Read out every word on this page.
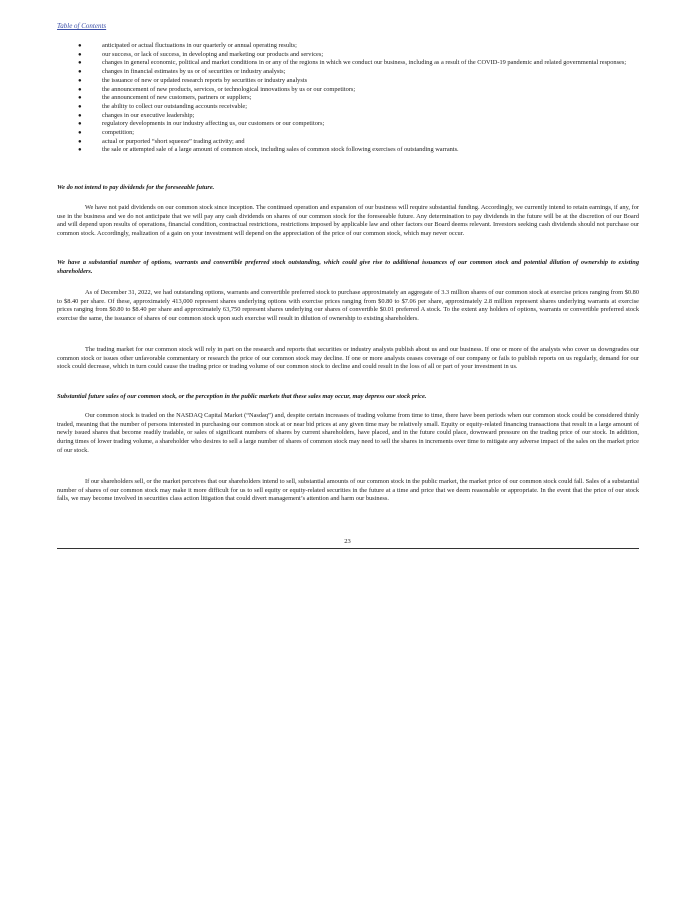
Table of Contents
●	anticipated or actual fluctuations in our quarterly or annual operating results;
●	our success, or lack of success, in developing and marketing our products and services;
●	changes in general economic, political and market conditions in or any of the regions in which we conduct our business, including as a result of the COVID-19 pandemic and related governmental responses;
●	changes in financial estimates by us or of securities or industry analysts;
●	the issuance of new or updated research reports by securities or industry analysts
●	the announcement of new products, services, or technological innovations by us or our competitors;
●	the announcement of new customers, partners or suppliers;
●	the ability to collect our outstanding accounts receivable;
●	changes in our executive leadership;
●	regulatory developments in our industry affecting us, our customers or our competitors;
●	competition;
●	actual or purported “short squeeze” trading activity; and
●	the sale or attempted sale of a large amount of common stock, including sales of common stock following exercises of outstanding warrants.

We do not intend to pay dividends for the foreseeable future.

We have not paid dividends on our common stock since inception. The continued operation and expansion of our business will require substantial funding. Accordingly, we currently intend to retain earnings, if any, for use in the business and we do not anticipate that we will pay any cash dividends on shares of our common stock for the foreseeable future. Any determination to pay dividends in the future will be at the discretion of our Board and will depend upon results of operations, financial condition, contractual restrictions, restrictions imposed by applicable law and other factors our Board deems relevant. Investors seeking cash dividends should not purchase our common stock. Accordingly, realization of a gain on your investment will depend on the appreciation of the price of our common stock, which may never occur.

We have a substantial number of options, warrants and convertible preferred stock outstanding, which could give rise to additional issuances of our common stock and potential dilution of ownership to existing shareholders.

As of December 31, 2022, we had outstanding options, warrants and convertible preferred stock to purchase approximately an aggregate of 3.3 million shares of our common stock at exercise prices ranging from $0.80 to $8.40 per share. Of these, approximately 413,000 represent shares underlying options with exercise prices ranging from $0.80 to $7.06 per share, approximately 2.8 million represent shares underlying warrants at exercise prices ranging from $0.80 to $8.40 per share and approximately 63,750 represent shares underlying our shares of convertible $0.01 preferred A stock. To the extent any holders of options, warrants or convertible preferred stock exercise the same, the issuance of shares of our common stock upon such exercise will result in dilution of ownership to existing shareholders.

The trading market for our common stock will rely in part on the research and reports that securities or industry analysts publish about us and our business. If one or more of the analysts who cover us downgrades our common stock or issues other unfavorable commentary or research the price of our common stock may decline. If one or more analysts ceases coverage of our company or fails to publish reports on us regularly, demand for our stock could decrease, which in turn could cause the trading price or trading volume of our common stock to decline and could result in the loss of all or part of your investment in us.

Substantial future sales of our common stock, or the perception in the public markets that these sales may occur, may depress our stock price.

Our common stock is traded on the NASDAQ Capital Market (“Nasdaq”) and, despite certain increases of trading volume from time to time, there have been periods when our common stock could be considered thinly traded, meaning that the number of persons interested in purchasing our common stock at or near bid prices at any given time may be relatively small. Equity or equity-related financing transactions that result in a large amount of newly issued shares that become readily tradable, or sales of significant numbers of shares by current shareholders, have placed, and in the future could place, downward pressure on the trading price of our stock. In addition, during times of lower trading volume, a shareholder who desires to sell a large number of shares of common stock may need to sell the shares in increments over time to mitigate any adverse impact of the sales on the market price of our stock.

If our shareholders sell, or the market perceives that our shareholders intend to sell, substantial amounts of our common stock in the public market, the market price of our common stock could fall. Sales of a substantial number of shares of our common stock may make it more difficult for us to sell equity or equity-related securities in the future at a time and price that we deem reasonable or appropriate. In the event that the price of our stock falls, we may become involved in securities class action litigation that could divert management’s attention and harm our business.

23
